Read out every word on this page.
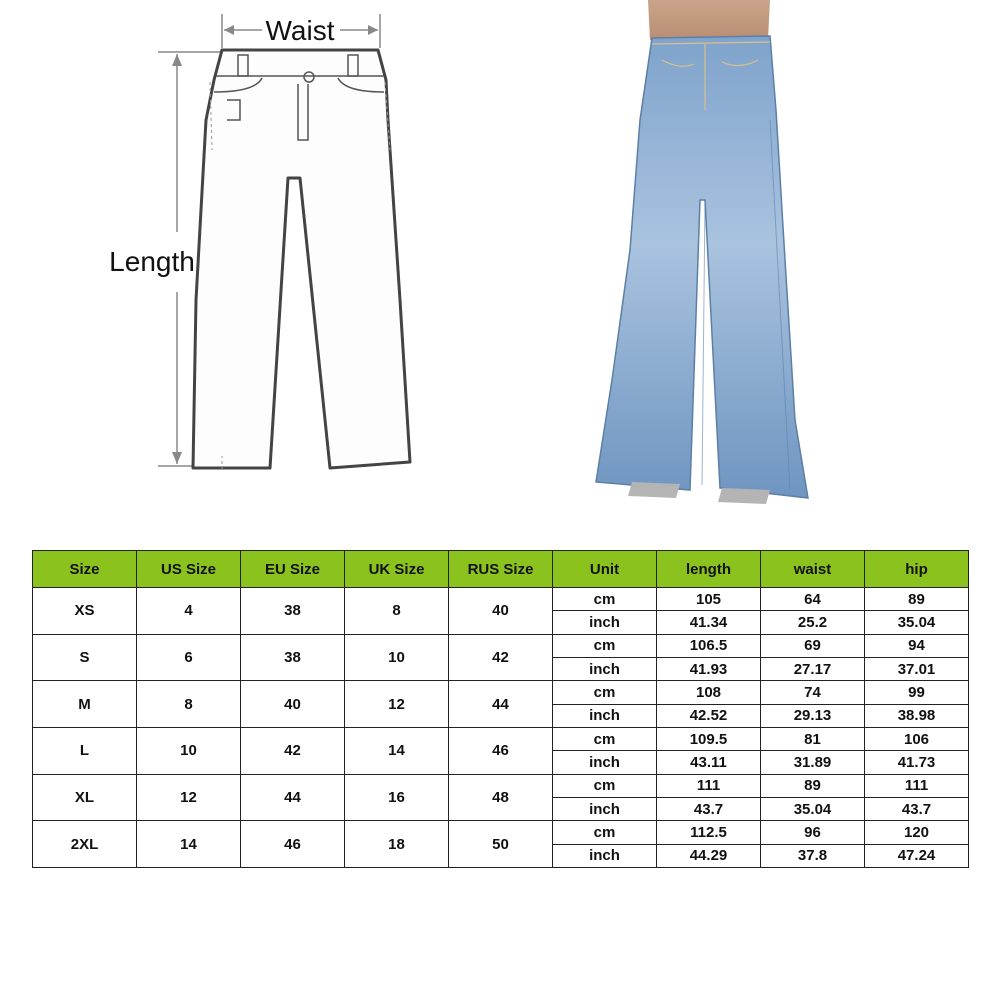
Waist
Length
Size	US Size	EU Size	UK Size	RUS Size	Unit	length	waist	hip
XS	4	38	8	40	cm	105	64	89
					inch	41.34	25.2	35.04
S	6	38	10	42	cm	106.5	69	94
					inch	41.93	27.17	37.01
M	8	40	12	44	cm	108	74	99
					inch	42.52	29.13	38.98
L	10	42	14	46	cm	109.5	81	106
					inch	43.11	31.89	41.73
XL	12	44	16	48	cm	111	89	111
					inch	43.7	35.04	43.7
2XL	14	46	18	50	cm	112.5	96	120
					inch	44.29	37.8	47.24
